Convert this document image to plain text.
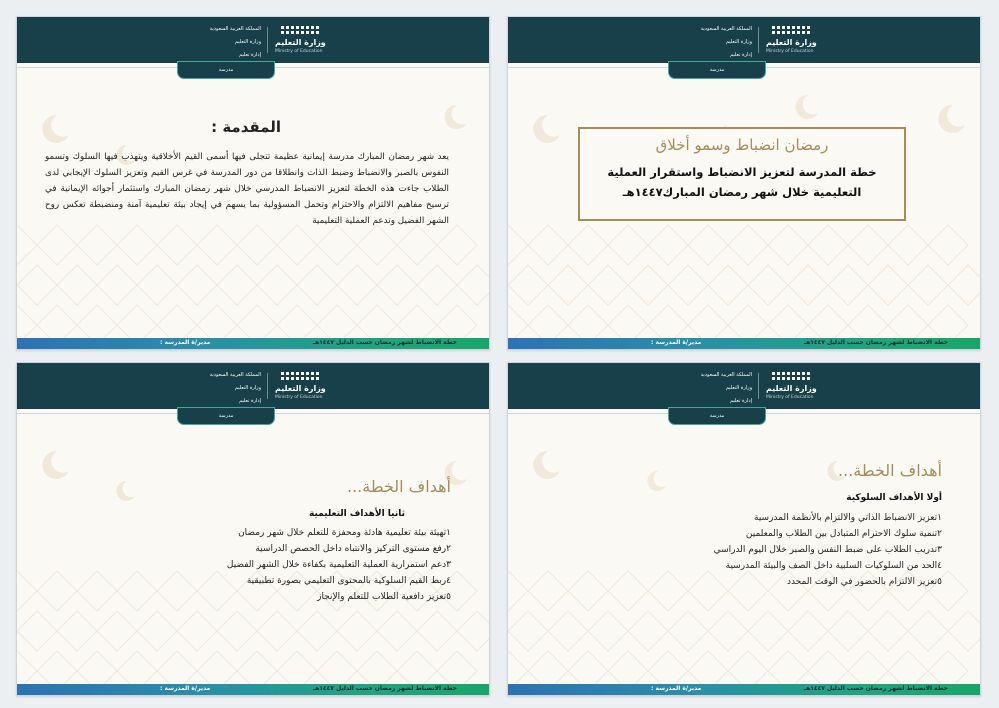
وزارة التعليم
Ministry of Education
المملكة العربية السعودية
وزارة التعليم
إدارة تعليم
مدرسة
رمضان انضباط وسمو أخلاق
خطة المدرسة لتعزيز الانضباط واستقرار العملية التعليمية خلال شهر رمضان المبارك١٤٤٧هـ
خطة الانضباط لشهر رمضان حسب الدليل ١٤٤٧هـ
مدير/ة المدرسة :
وزارة التعليم
Ministry of Education
المملكة العربية السعودية
وزارة التعليم
إدارة تعليم
مدرسة
المقدمة :
يعد شهر رمضان المبارك مدرسة إيمانية عظيمة تتجلى فيها أسمى القيم الأخلاقية ويتهذب فيها السلوك وتسمو النفوس بالصبر والانضباط وضبط الذات وانطلاقا من دور المدرسة في غرس القيم وتعزيز السلوك الإيجابي لدى الطلاب جاءت هذه الخطة لتعزيز الانضباط المدرسي خلال شهر رمضان المبارك واستثمار أجوائه الإيمانية في ترسيخ مفاهيم الالتزام والاحترام وتحمل المسؤولية بما يسهم في إيجاد بيئة تعليمية آمنة ومنضبطة تعكس روح الشهر الفضيل وتدعم العملية التعليمية
خطة الانضباط لشهر رمضان حسب الدليل ١٤٤٧هـ
مدير/ة المدرسة :
وزارة التعليم
Ministry of Education
المملكة العربية السعودية
وزارة التعليم
إدارة تعليم
مدرسة
أهداف الخطة...
أولا الأهداف السلوكية
١تعزيز الانضباط الذاتي والالتزام بالأنظمة المدرسية
٢تنمية سلوك الاحترام المتبادل بين الطلاب والمعلمين
٣تدريب الطلاب على ضبط النفس والصبر خلال اليوم الدراسي
٤الحد من السلوكيات السلبية داخل الصف والبيئة المدرسية
٥تعزيز الالتزام بالحضور في الوقت المحدد
خطة الانضباط لشهر رمضان حسب الدليل ١٤٤٧هـ
مدير/ة المدرسة :
وزارة التعليم
Ministry of Education
المملكة العربية السعودية
وزارة التعليم
إدارة تعليم
مدرسة
أهداف الخطة...
ثانيا الأهداف التعليمية
١تهيئة بيئة تعليمية هادئة ومحفزة للتعلم خلال شهر رمضان
٢رفع مستوى التركيز والانتباه داخل الحصص الدراسية
٣دعم استمرارية العملية التعليمية بكفاءة خلال الشهر الفضيل
٤ربط القيم السلوكية بالمحتوى التعليمي بصورة تطبيقية
٥تعزيز دافعية الطلاب للتعلم والإنجاز
خطة الانضباط لشهر رمضان حسب الدليل ١٤٤٧هـ
مدير/ة المدرسة :
